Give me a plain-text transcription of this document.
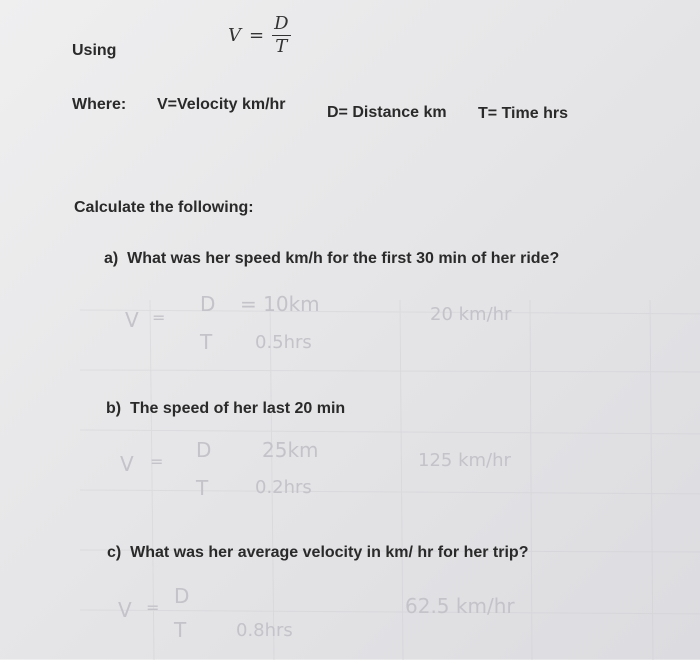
Using
$V = \frac{D}{T}$
Where: V=Velocity km/hr	D= Distance km T= Time hrs
Calculate the following:
a) What was her speed km/h for the first 30 min of her ride?
V =
D
T
= 10km
0.5hrs
20 km/hr
b) The speed of her last 20 min
V = D
T
25km
0.2hrs
125 km/hr
c) What was her average velocity in km/ hr for her trip?
V = D
T	0.8hrs
62.5 km/hr
